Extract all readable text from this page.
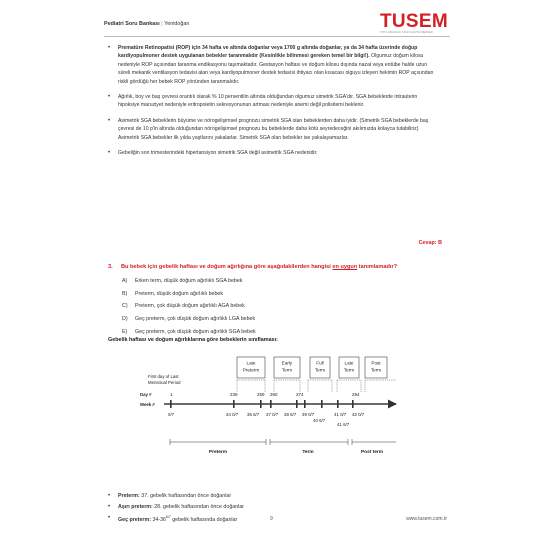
Pediatri Soru Bankası | Yenidoğan	TUSEM
TIPTA UZMANLIK SINAVI EĞİTİM MERKEZİ
• Prematüre Retinopatisi (ROP) için 34 hafta ve altında doğanlar veya 1700 g altında doğanlar, ya da 34 hafta üzerinde doğup kardiyopulmoner destek uygulanan bebekler taranmalıdır (Kesinlikle bilinmesi gereken temel bir bilgi!). Olgumuz doğum kilosu nedeniyle ROP açısından taranma endikasyonu taşımaktadır. Gestasyon haftası ve doğum kilosu dışında nazal veya entübe halde uzun süreli mekanik ventilasyon tedavisi alan veya kardiyopulmoner destek tedavisi ihtiyacı olan kısacası olguyu izleyen hekimin ROP açısından riskli gördüğü her bebek ROP yönünden taranmalıdır.
• Ağırlık, boy ve baş çevresi orantılı olarak % 10 persentilin altında olduğundan olgumuz simetrik SGA'dır. SGA bebeklerde intrauterin hipoksiye maruziyet nedeniyle eritropoietin sekresyonunun artması nedeniyle anemi değil polisitemi beklenir.
• Asimetrik SGA bebeklerin büyüme ve nörogelişimsel prognozu simetrik SGA olan bebeklerden daha iyidir. (Simetrik SGA bebeklerde baş çevresi de 10 p'in altında olduğundan nörogelişimsel prognozu bu bebeklerde daha kötü seyredeceğini akılımızda kolayca tutabiliriz) Asimetrik SGA bebekler ilk yılda yaştlarını yakalarlar. Simetrik SGA olan bebekler ise yakalayamazlar.
• Gebeliğin son trimesterindeki hipertansiyon simetrik SGA değil asimetrik SGA nedenidir.
Cevap: B
3. Bu bebek için gebelik haftası ve doğum ağırlığına göre aşağıdakilerden hangisi en uygun tanımlamadır?
A) Erken term, düşük doğum ağırlıklı SGA bebek
B) Preterm, düşük doğum ağırlıklı bebek
C) Preterm, çok düşük doğum ağırlıklı AGA bebek
D) Geç preterm, çok düşük doğum ağırlıklı LGA bebek
E) Geç preterm, çok düşük doğum ağırlıklı SGA bebek
Gebelik haftası ve doğum ağırlıklarına göre bebeklerin sınıflaması:
Late
Preterm
Early
Term
Full
Term
Late
Term
Post
Term
First day of Last
Menstrual Period
Day #	1	239	259 260	274	294
Week #
0/7	34 0/7 36 6/7 37 0/7 38 6/7 39 0/7	41 0/7
40 6/7
41 6/7
42 0/7
Preterm	Term	Post term
• Preterm: 37. gebelik haftasından önce doğanlar
• Aşırı preterm: 28. gebelik haftasından önce doğanlar
• Geç preterm: $34-36^{6/7}$ gebelik haftasında doğanlar	9	www.tusem.com.tr
